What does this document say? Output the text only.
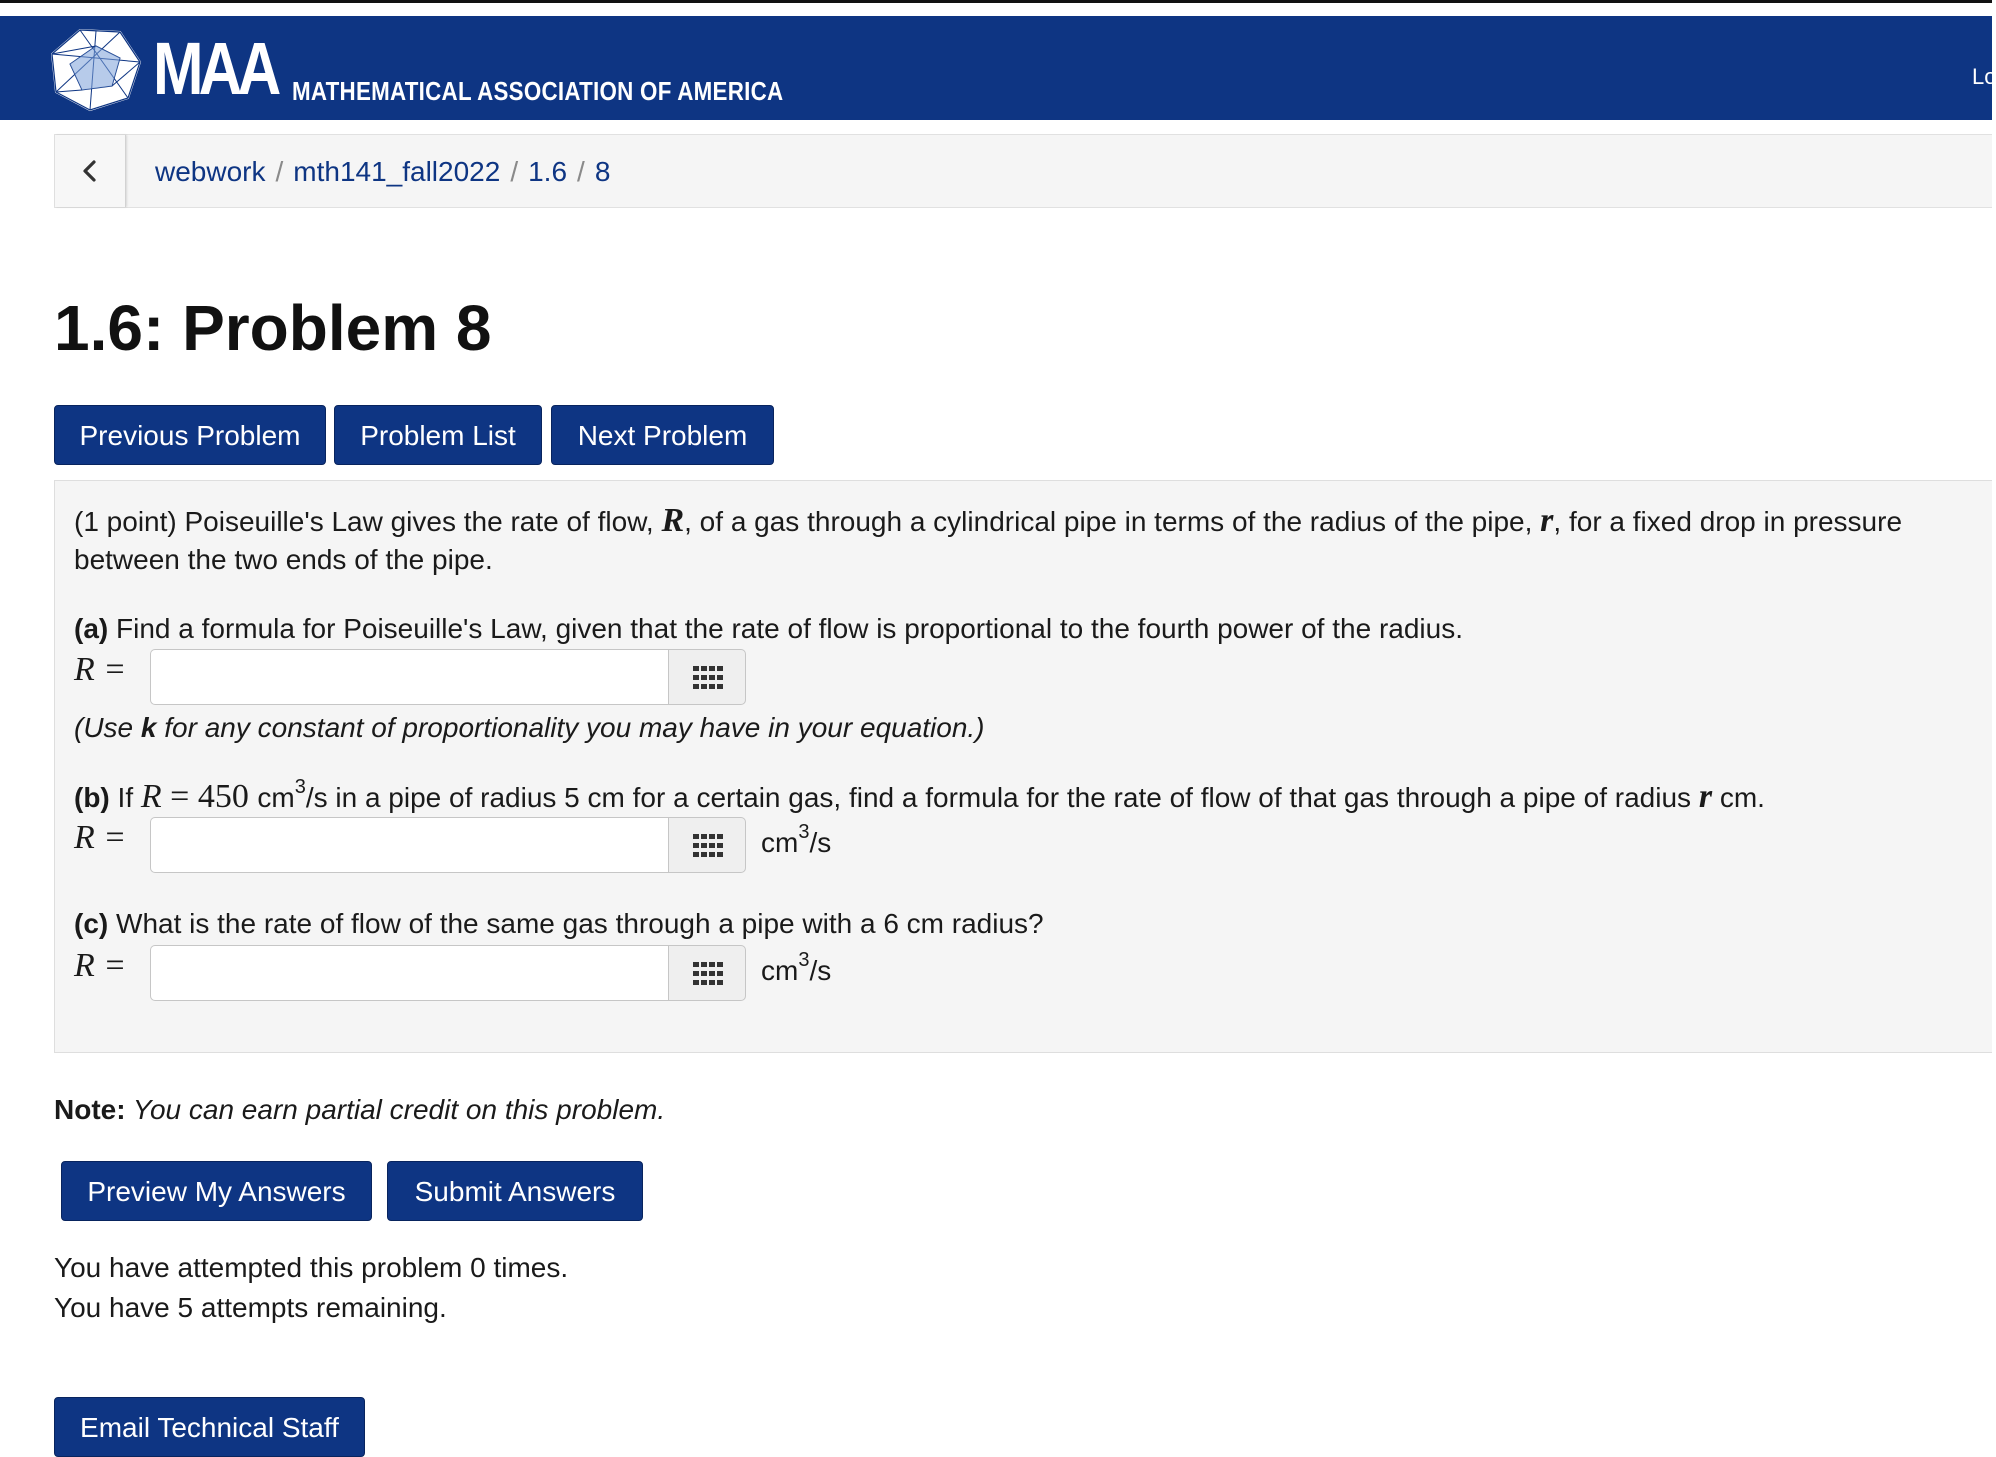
MAA MATHEMATICAL ASSOCIATION OF AMERICA	Lo
webwork / mth141_fall2022 / 1.6 / 8
1.6: Problem 8
Previous Problem	Problem List	Next Problem
(1 point) Poiseuille's Law gives the rate of flow, R, of a gas through a cylindrical pipe in terms of the radius of the pipe, r, for a fixed drop in pressure
between the two ends of the pipe.
(a) Find a formula for Poiseuille's Law, given that the rate of flow is proportional to the fourth power of the radius.
R =
(Use k for any constant of proportionality you may have in your equation.)
(b) If R = 450 $cm^3/s$ in a pipe of radius 5 cm for a certain gas, find a formula for the rate of flow of that gas through a pipe of radius r cm.
R =	$cm^3/s$
(c) What is the rate of flow of the same gas through a pipe with a 6 cm radius?
R =	$cm^3/s$
Note: You can earn partial credit on this problem.
Preview My Answers	Submit Answers
You have attempted this problem 0 times.
You have 5 attempts remaining.
Email Technical Staff
